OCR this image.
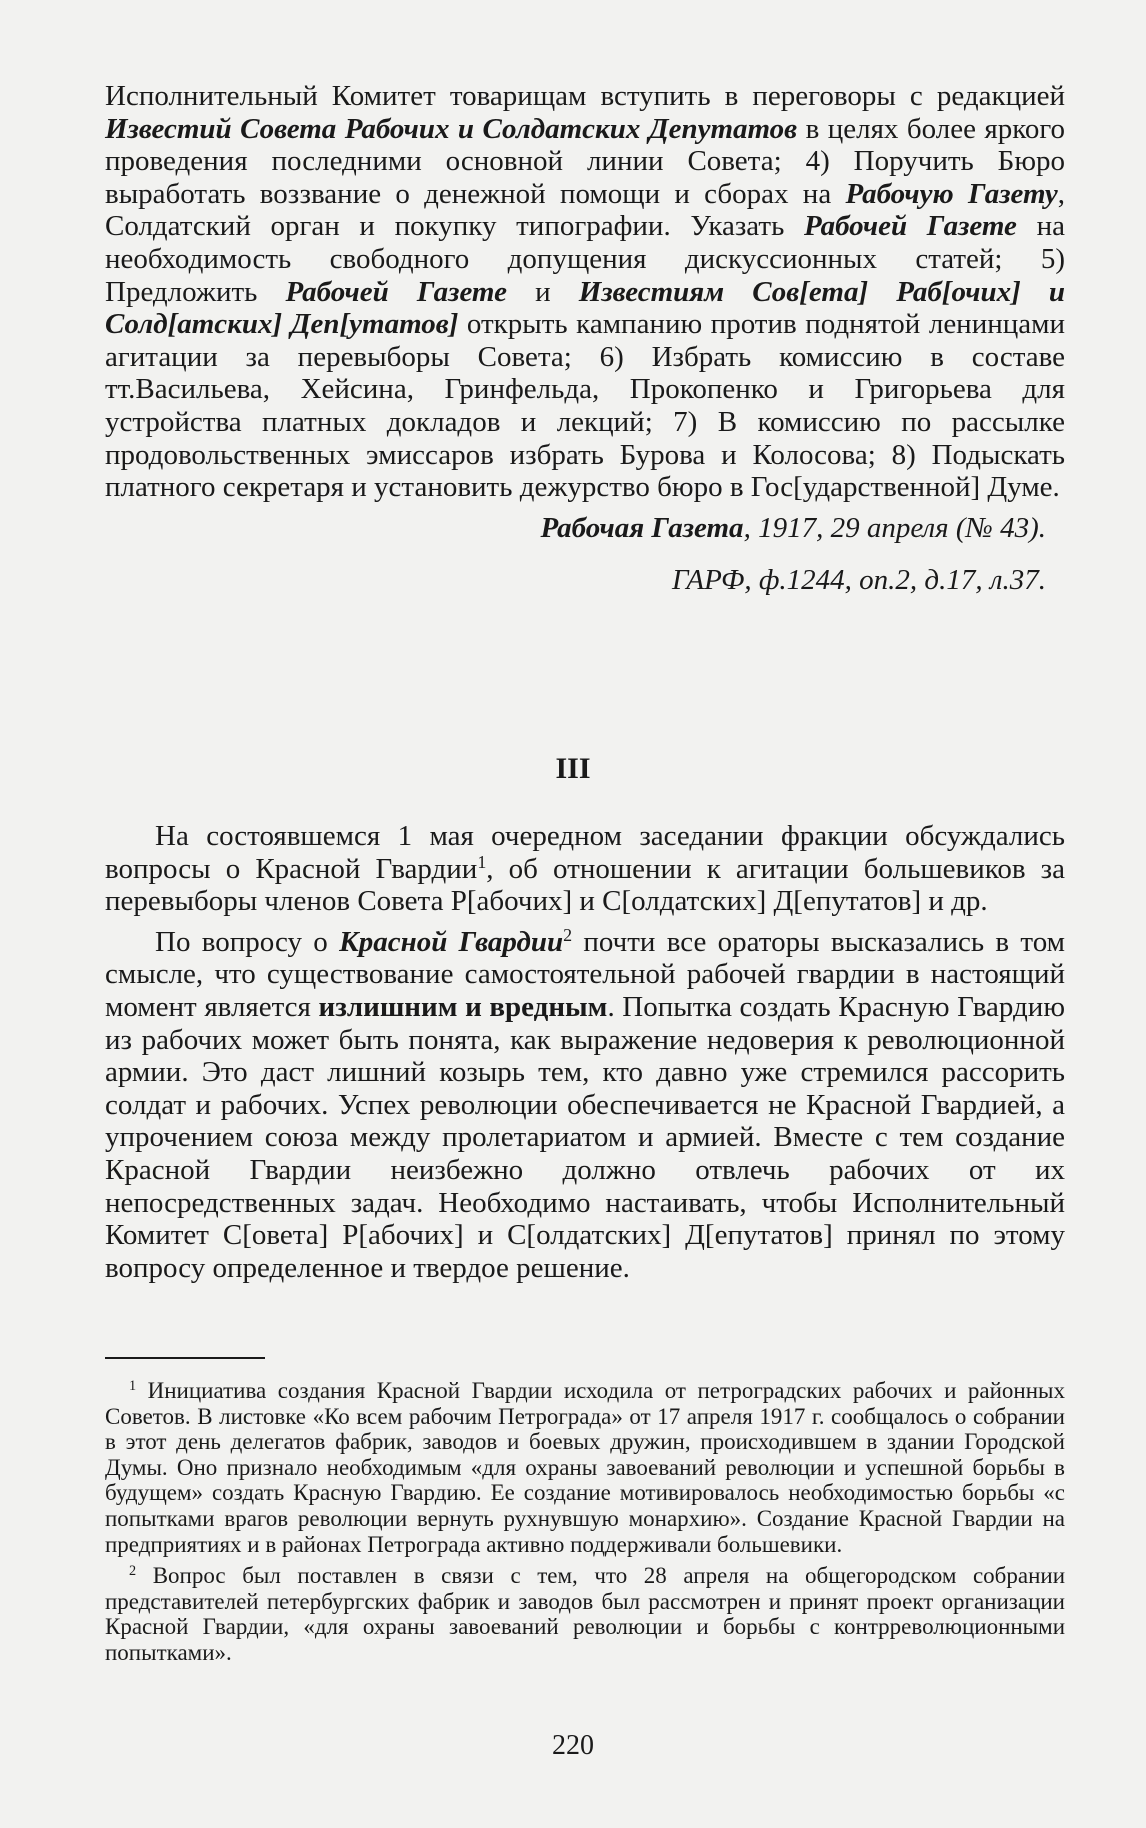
Исполнительный Комитет товарищам вступить в переговоры с редакцией Известий Совета Рабочих и Солдатских Депутатов в целях более яркого проведения последними основной линии Совета; 4) Поручить Бюро выработать воззвание о денежной помощи и сборах на Рабочую Газету, Солдатский орган и покупку типографии. Указать Рабочей Газете на необходимость свободного допущения дискуссионных статей; 5) Предложить Рабочей Газете и Известиям Сов[ета] Раб[очих] и Солд[атских] Деп[утатов] открыть кампанию против поднятой ленинцами агитации за перевыборы Совета; 6) Избрать комиссию в составе тт.Васильева, Хейсина, Гринфельда, Прокопенко и Григорьева для устройства платных докладов и лекций; 7) В комиссию по рассылке продовольственных эмиссаров избрать Бурова и Колосова; 8) Подыскать платного секретаря и установить дежурство бюро в Гос[ударственной] Думе.

Рабочая Газета, 1917, 29 апреля (№ 43).
ГАРФ, ф.1244, оп.2, д.17, л.37.
III

На состоявшемся 1 мая очередном заседании фракции обсуждались вопросы о Красной Гвардии$^1$, об отношении к агитации большевиков за перевыборы членов Совета Р[абочих] и С[олдатских] Д[епутатов] и др.

По вопросу о Красной Гвардии$^2$ почти все ораторы высказались в том смысле, что существование самостоятельной рабочей гвардии в настоящий момент является излишним и вредным. Попытка создать Красную Гвардию из рабочих может быть понята, как выражение недоверия к революционной армии. Это даст лишний козырь тем, кто давно уже стремился рассорить солдат и рабочих. Успех революции обеспечивается не Красной Гвардией, а упрочением союза между пролетариатом и армией. Вместе с тем создание Красной Гвардии неизбежно должно отвлечь рабочих от их непосредственных задач. Необходимо настаивать, чтобы Исполнительный Комитет С[овета] Р[абочих] и С[олдатских] Д[епутатов] принял по этому вопросу определенное и твердое решение.

$^1$ Инициатива создания Красной Гвардии исходила от петроградских рабочих и районных Советов. В листовке «Ко всем рабочим Петрограда» от 17 апреля 1917 г. сообщалось о собрании в этот день делегатов фабрик, заводов и боевых дружин, происходившем в здании Городской Думы. Оно признало необходимым «для охраны завоеваний революции и успешной борьбы в будущем» создать Красную Гвардию. Ее создание мотивировалось необходимостью борьбы «с попытками врагов революции вернуть рухнувшую монархию». Создание Красной Гвардии на предприятиях и в районах Петрограда активно поддерживали большевики.

$^2$ Вопрос был поставлен в связи с тем, что 28 апреля на общегородском собрании представителей петербургских фабрик и заводов был рассмотрен и принят проект организации Красной Гвардии, «для охраны завоеваний революции и борьбы с контрреволюционными попытками».

220
